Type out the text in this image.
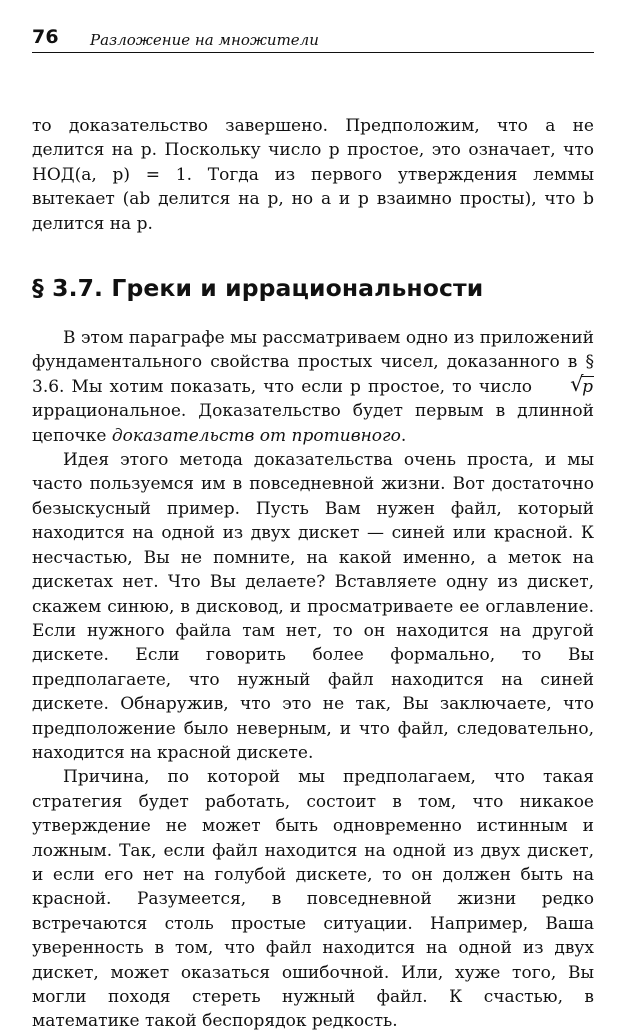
76 Разложение на множители

то доказательство завершено. Предположим, что a не делится на p. Поскольку число p простое, это означает, что НОД(a, p) = 1. Тогда из первого утверждения леммы вытекает (ab делится на p, но a и p взаимно просты), что b делится на p.

§ 3.7. Греки и иррациональности

В этом параграфе мы рассматриваем одно из приложений фундаментального свойства простых чисел, доказанного в § 3.6. Мы хотим показать, что если p простое, то число √	p иррациональное. Доказательство будет первым в длинной цепочке доказательств от противного.

Идея этого метода доказательства очень проста, и мы часто пользуемся им в повседневной жизни. Вот достаточно безыскусный пример. Пусть Вам нужен файл, который находится на одной из двух дискет — синей или красной. К несчастью, Вы не помните, на какой именно, а меток на дискетах нет. Что Вы делаете? Вставляете одну из дискет, скажем синюю, в дисковод, и просматриваете ее оглавление. Если нужного файла там нет, то он находится на другой дискете. Если говорить более формально, то Вы предполагаете, что нужный файл находится на синей дискете. Обнаружив, что это не так, Вы заключаете, что предположение было неверным, и что файл, следовательно, находится на красной дискете.

Причина, по которой мы предполагаем, что такая стратегия будет работать, состоит в том, что никакое утверждение не может быть одновременно истинным и ложным. Так, если файл находится на одной из двух дискет, и если его нет на голубой дискете, то он должен быть на красной. Разумеется, в повседневной жизни редко встречаются столь простые ситуации. Например, Ваша уверенность в том, что файл находится на одной из двух дискет, может оказаться ошибочной. Или, хуже того, Вы могли походя стереть нужный файл. К счастью, в математике такой беспорядок редкость.
